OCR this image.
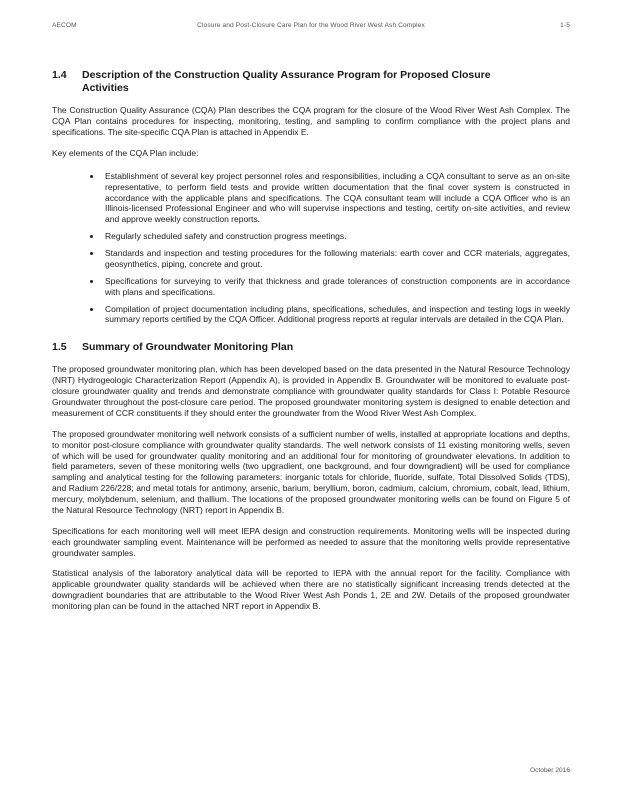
AECOM	Closure and Post-Closure Care Plan for the Wood River West Ash Complex	1-5
1.4	Description of the Construction Quality Assurance Program for Proposed Closure Activities

The Construction Quality Assurance (CQA) Plan describes the CQA program for the closure of the Wood River West Ash Complex. The CQA Plan contains procedures for inspecting, monitoring, testing, and sampling to confirm compliance with the project plans and specifications. The site-specific CQA Plan is attached in Appendix E.

Key elements of the CQA Plan include:

• Establishment of several key project personnel roles and responsibilities, including a CQA consultant to serve as an on-site representative, to perform field tests and provide written documentation that the final cover system is constructed in accordance with the applicable plans and specifications. The CQA consultant team will include a CQA Officer who is an Illinois-licensed Professional Engineer and who will supervise inspections and testing, certify on-site activities, and review and approve weekly construction reports.
• Regularly scheduled safety and construction progress meetings.
• Standards and inspection and testing procedures for the following materials: earth cover and CCR materials, aggregates, geosynthetics, piping, concrete and grout.
• Specifications for surveying to verify that thickness and grade tolerances of construction components are in accordance with plans and specifications.
• Compilation of project documentation including plans, specifications, schedules, and inspection and testing logs in weekly summary reports certified by the CQA Officer. Additional progress reports at regular intervals are detailed in the CQA Plan.
1.5	Summary of Groundwater Monitoring Plan

The proposed groundwater monitoring plan, which has been developed based on the data presented in the Natural Resource Technology (NRT) Hydrogeologic Characterization Report (Appendix A), is provided in Appendix B. Groundwater will be monitored to evaluate post-closure groundwater quality and trends and demonstrate compliance with groundwater quality standards for Class I: Potable Resource Groundwater throughout the post-closure care period. The proposed groundwater monitoring system is designed to enable detection and measurement of CCR constituents if they should enter the groundwater from the Wood River West Ash Complex.

The proposed groundwater monitoring well network consists of a sufficient number of wells, installed at appropriate locations and depths, to monitor post-closure compliance with groundwater quality standards. The well network consists of 11 existing monitoring wells, seven of which will be used for groundwater quality monitoring and an additional four for monitoring of groundwater elevations. In addition to field parameters, seven of these monitoring wells (two upgradient, one background, and four downgradient) will be used for compliance sampling and analytical testing for the following parameters: inorganic totals for chloride, fluoride, sulfate, Total Dissolved Solids (TDS), and Radium 226/228; and metal totals for antimony, arsenic, barium, beryllium, boron, cadmium, calcium, chromium, cobalt, lead, lithium, mercury, molybdenum, selenium, and thallium. The locations of the proposed groundwater monitoring wells can be found on Figure 5 of the Natural Resource Technology (NRT) report in Appendix B.

Specifications for each monitoring well will meet IEPA design and construction requirements. Monitoring wells will be inspected during each groundwater sampling event. Maintenance will be performed as needed to assure that the monitoring wells provide representative groundwater samples.

Statistical analysis of the laboratory analytical data will be reported to IEPA with the annual report for the facility. Compliance with applicable groundwater quality standards will be achieved when there are no statistically significant increasing trends detected at the downgradient boundaries that are attributable to the Wood River West Ash Ponds 1, 2E and 2W. Details of the proposed groundwater monitoring plan can be found in the attached NRT report in Appendix B.

October 2016
